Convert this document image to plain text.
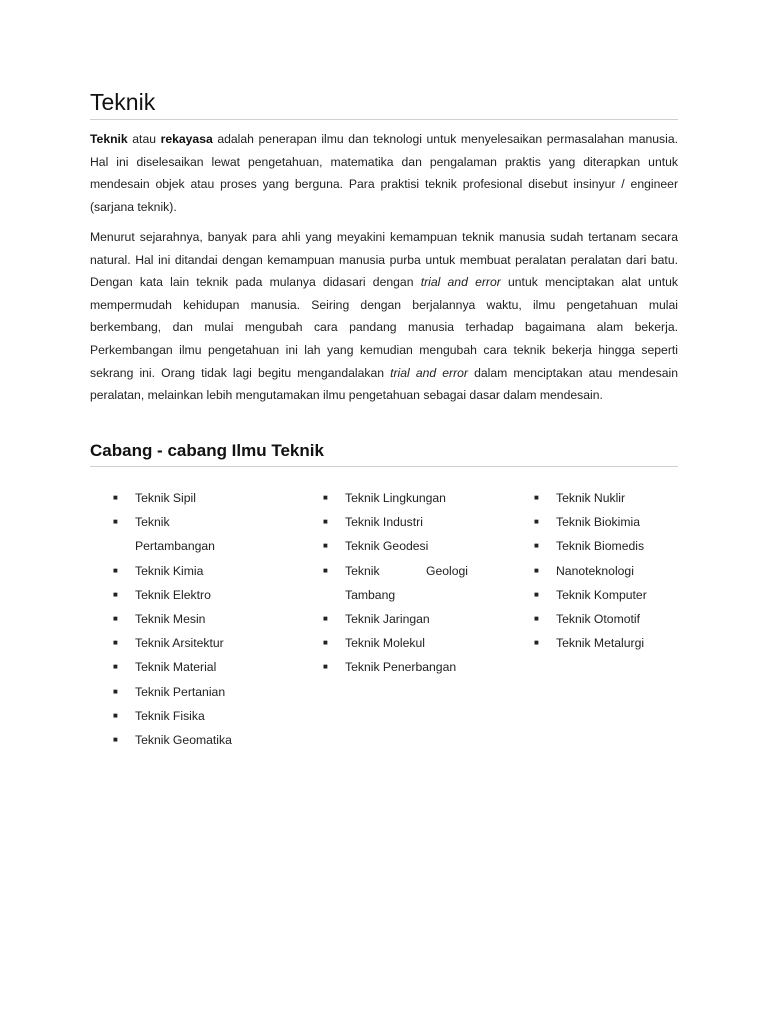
Teknik

Teknik atau rekayasa adalah penerapan ilmu dan teknologi untuk menyelesaikan permasalahan manusia. Hal ini diselesaikan lewat pengetahuan, matematika dan pengalaman praktis yang diterapkan untuk mendesain objek atau proses yang berguna. Para praktisi teknik profesional disebut insinyur / engineer (sarjana teknik).

Menurut sejarahnya, banyak para ahli yang meyakini kemampuan teknik manusia sudah tertanam secara natural. Hal ini ditandai dengan kemampuan manusia purba untuk membuat peralatan peralatan dari batu. Dengan kata lain teknik pada mulanya didasari dengan trial and error untuk menciptakan alat untuk mempermudah kehidupan manusia. Seiring dengan berjalannya waktu, ilmu pengetahuan mulai berkembang, dan mulai mengubah cara pandang manusia terhadap bagaimana alam bekerja. Perkembangan ilmu pengetahuan ini lah yang kemudian mengubah cara teknik bekerja hingga seperti sekrang ini. Orang tidak lagi begitu mengandalakan trial and error dalam menciptakan atau mendesain peralatan, melainkan lebih mengutamakan ilmu pengetahuan sebagai dasar dalam mendesain.

Cabang - cabang Ilmu Teknik
■ Teknik Sipil
■ Teknik Pertambangan
■ Teknik Kimia
■ Teknik Elektro
■ Teknik Mesin
■ Teknik Arsitektur
■ Teknik Material
■ Teknik Pertanian
■ Teknik Fisika
■ Teknik Geomatika
■ Teknik Lingkungan
■ Teknik Industri
■ Teknik Geodesi
■ Teknik Geologi Tambang
■ Teknik Jaringan
■ Teknik Molekul
■ Teknik Penerbangan
■ Teknik Nuklir
■ Teknik Biokimia
■ Teknik Biomedis
■ Nanoteknologi
■ Teknik Komputer
■ Teknik Otomotif
■ Teknik Metalurgi
